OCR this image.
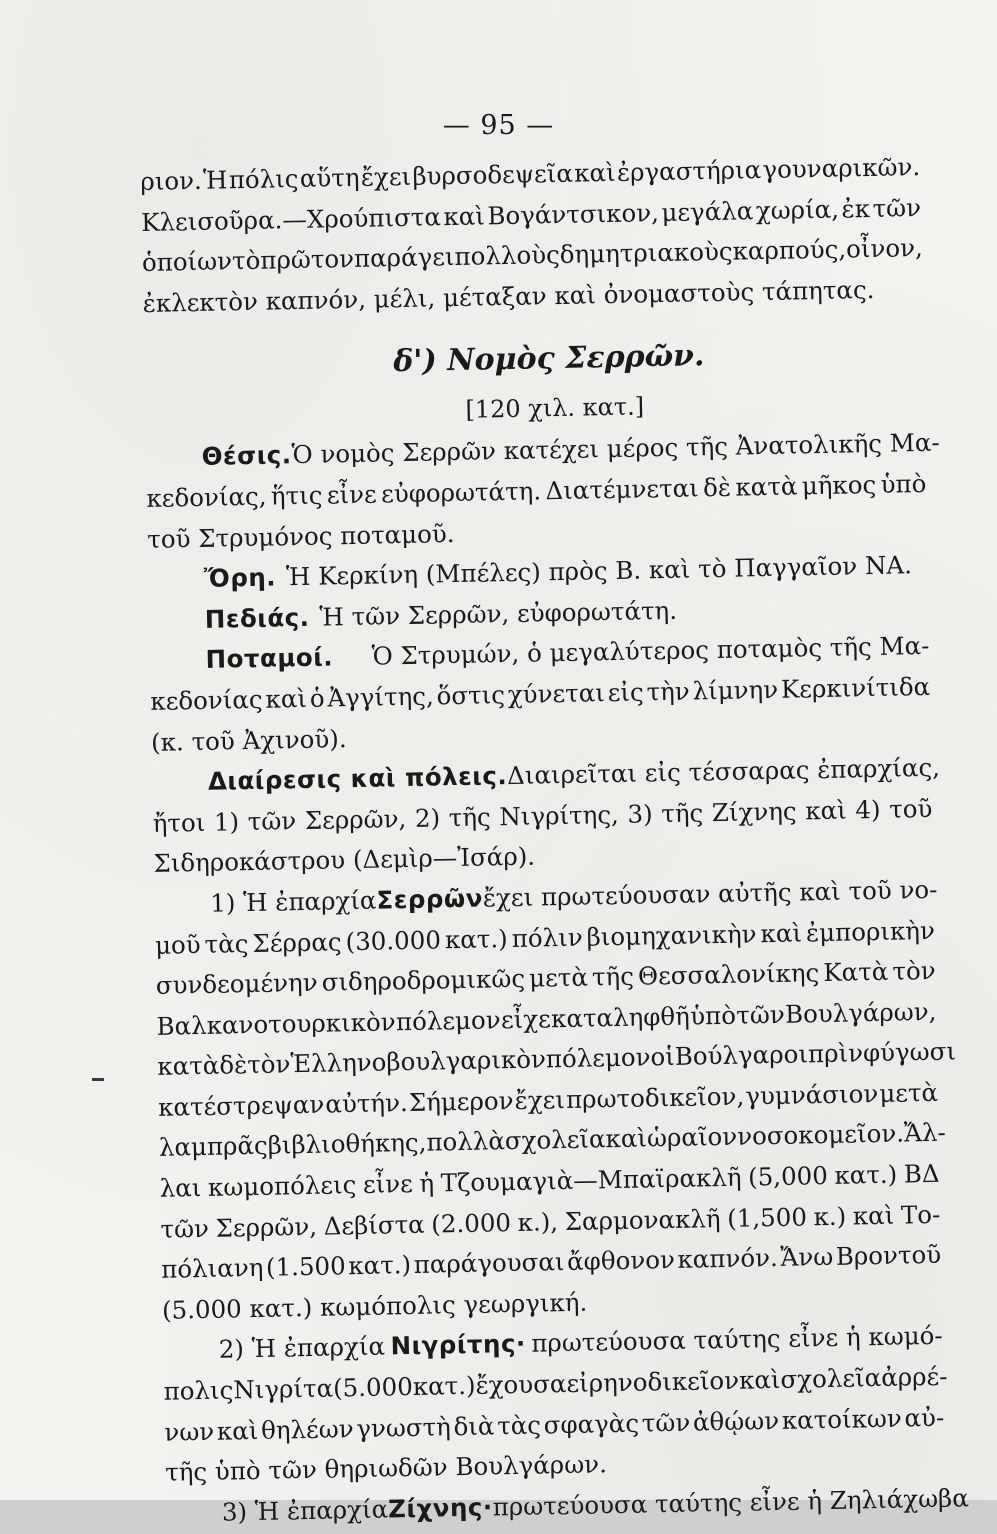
— 95 —
ριον. Ἡ πόλις αὕτη ἔχει βυρσοδεψεῖα καὶ ἐργαστήρια γουναρικῶν.
Κλεισοῦρα.—Χρούπιστα καὶ Βογάντσικον, μεγάλα χωρία, ἐκ τῶν
ὁποίων τὸ πρῶτον παράγει πολλοὺς δημητριακοὺς καρπούς, οἶνον,
ἐκλεκτὸν καπνόν, μέλι, μέταξαν καὶ ὀνομαστοὺς τάπητας.
δ') Νομὸς Σερρῶν.
[120 χιλ. κατ.]
Θέσις. Ὁ νομὸς Σερρῶν κατέχει μέρος τῆς Ἀνατολικῆς Μα-
κεδονίας, ἥτις εἶνε εὐφορωτάτη. Διατέμνεται δὲ κατὰ μῆκος ὑπὸ
τοῦ Στρυμόνος ποταμοῦ.
Ὄρη. Ἡ Κερκίνη (Μπέλες) πρὸς Β. καὶ τὸ Παγγαῖον ΝΑ.
Πεδιάς. Ἡ τῶν Σερρῶν, εὐφορωτάτη.
Ποταμοί. Ὁ Στρυμών, ὁ μεγαλύτερος ποταμὸς τῆς Μα-
κεδονίας καὶ ὁ Ἀγγίτης, ὅστις χύνεται εἰς τὴν λίμνην Κερκινίτιδα
(κ. τοῦ Ἀχινοῦ).
Διαίρεσις καὶ πόλεις. Διαιρεῖται εἰς τέσσαρας ἐπαρχίας,
ἤτοι 1) τῶν Σερρῶν, 2) τῆς Νιγρίτης, 3) τῆς Ζίχνης καὶ 4) τοῦ
Σιδηροκάστρου (Δεμὶρ—Ἰσάρ).
1) Ἡ ἐπαρχία Σερρῶν ἔχει πρωτεύουσαν αὐτῆς καὶ τοῦ νο-
μοῦ τὰς Σέρρας (30.000 κατ.) πόλιν βιομηχανικὴν καὶ ἐμπορικὴν
συνδεομένην σιδηροδρομικῶς μετὰ τῆς Θεσσαλονίκης Κατὰ τὸν
Βαλκανοτουρκικὸν πόλεμον εἶχε καταληφθῆ ὑπὸ τῶν Βουλγάρων,
κατὰ δὲ τὸν Ἑλληνοβουλγαρικὸν πόλεμον οἱ Βούλγαροι πρὶν φύγωσι
κατέστρεψαν αὐτήν. Σήμερον ἔχει πρωτοδικεῖον, γυμνάσιον μετὰ
λαμπρᾶς βιβλιοθήκης, πολλὰ σχολεῖα καὶ ὡραῖον νοσοκομεῖον. Ἄλ-
λαι κωμοπόλεις εἶνε ἡ Τζουμαγιὰ—Μπαϊρακλῆ (5,000 κατ.) ΒΔ
τῶν Σερρῶν, Δεβίστα (2.000 κ.), Σαρμονακλῆ (1,500 κ.) καὶ Το-
πόλιανη (1.500 κατ.) παράγουσαι ἄφθονον καπνόν. Ἄνω Βροντοῦ
(5.000 κατ.) κωμόπολις γεωργική.
2) Ἡ ἐπαρχία Νιγρίτης· πρωτεύουσα ταύτης εἶνε ἡ κωμό-
πολις Νιγρίτα (5.000 κατ.) ἔχουσα εἰρηνοδικεῖον καὶ σχολεῖα ἀρρέ-
νων καὶ θηλέων γνωστὴ διὰ τὰς σφαγὰς τῶν ἀθῴων κατοίκων αὐ-
τῆς ὑπὸ τῶν θηριωδῶν Βουλγάρων.
3) Ἡ ἐπαρχία Ζίχνης· πρωτεύουσα ταύτης εἶνε ἡ Ζηλιάχωβα
